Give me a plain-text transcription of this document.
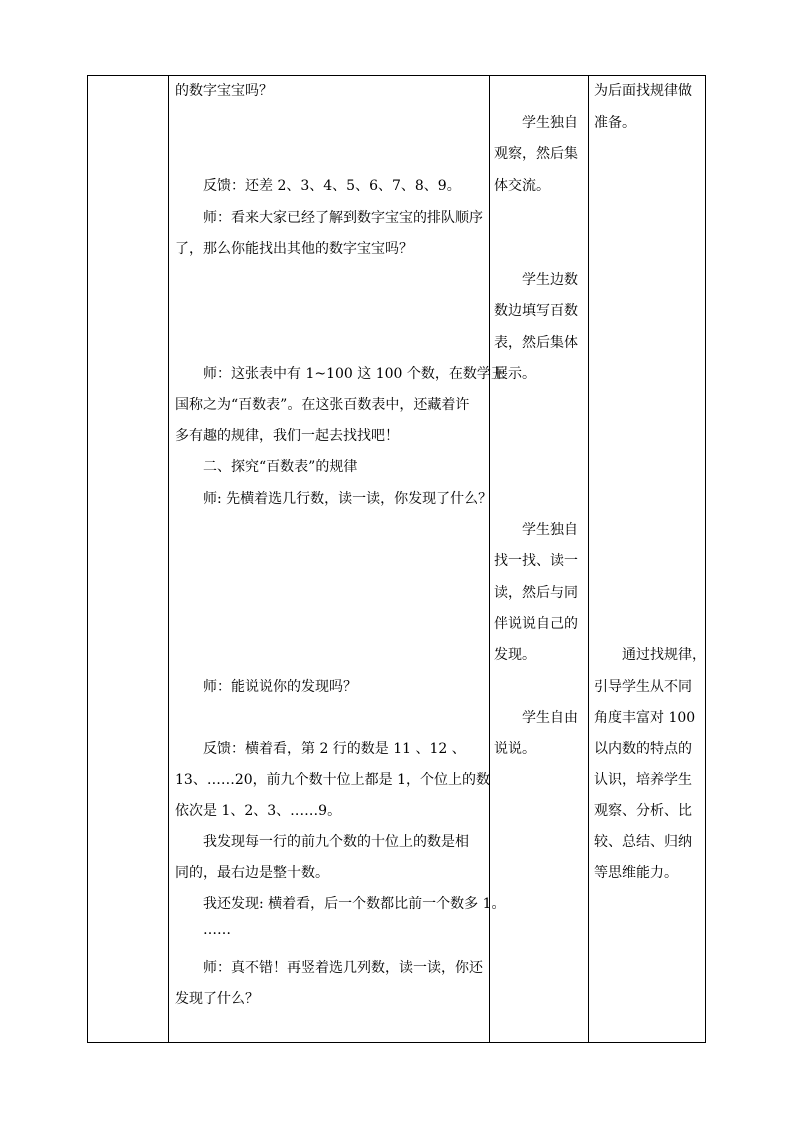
的数字宝宝吗？
反馈：还差 2、3、4、5、6、7、8、9。
师：看来大家已经了解到数字宝宝的排队顺序
了，那么你能找出其他的数字宝宝吗？
师：这张表中有 1~100 这 100 个数，在数学王
国称之为“百数表”。在这张百数表中，还藏着许
多有趣的规律，我们一起去找找吧！
二、探究“百数表”的规律
师: 先横着选几行数，读一读，你发现了什么？
师：能说说你的发现吗？
反馈：横着看，第 2 行的数是 11 、12 、
13、……20，前九个数十位上都是 1，个位上的数
依次是 1、2、3、……9。
我发现每一行的前九个数的十位上的数是相
同的，最右边是整十数。
我还发现: 横着看，后一个数都比前一个数多 1。
……
师：真不错！再竖着选几列数，读一读，你还
发现了什么？
学生独自
观察，然后集
体交流。
学生边数
数边填写百数
表，然后集体
展示。
学生独自
找一找、读一
读，然后与同
伴说说自己的
发现。
学生自由
说说。
为后面找规律做
准备。
通过找规律，
引导学生从不同
角度丰富对 100
以内数的特点的
认识，培养学生
观察、分析、比
较、总结、归纳
等思维能力。
